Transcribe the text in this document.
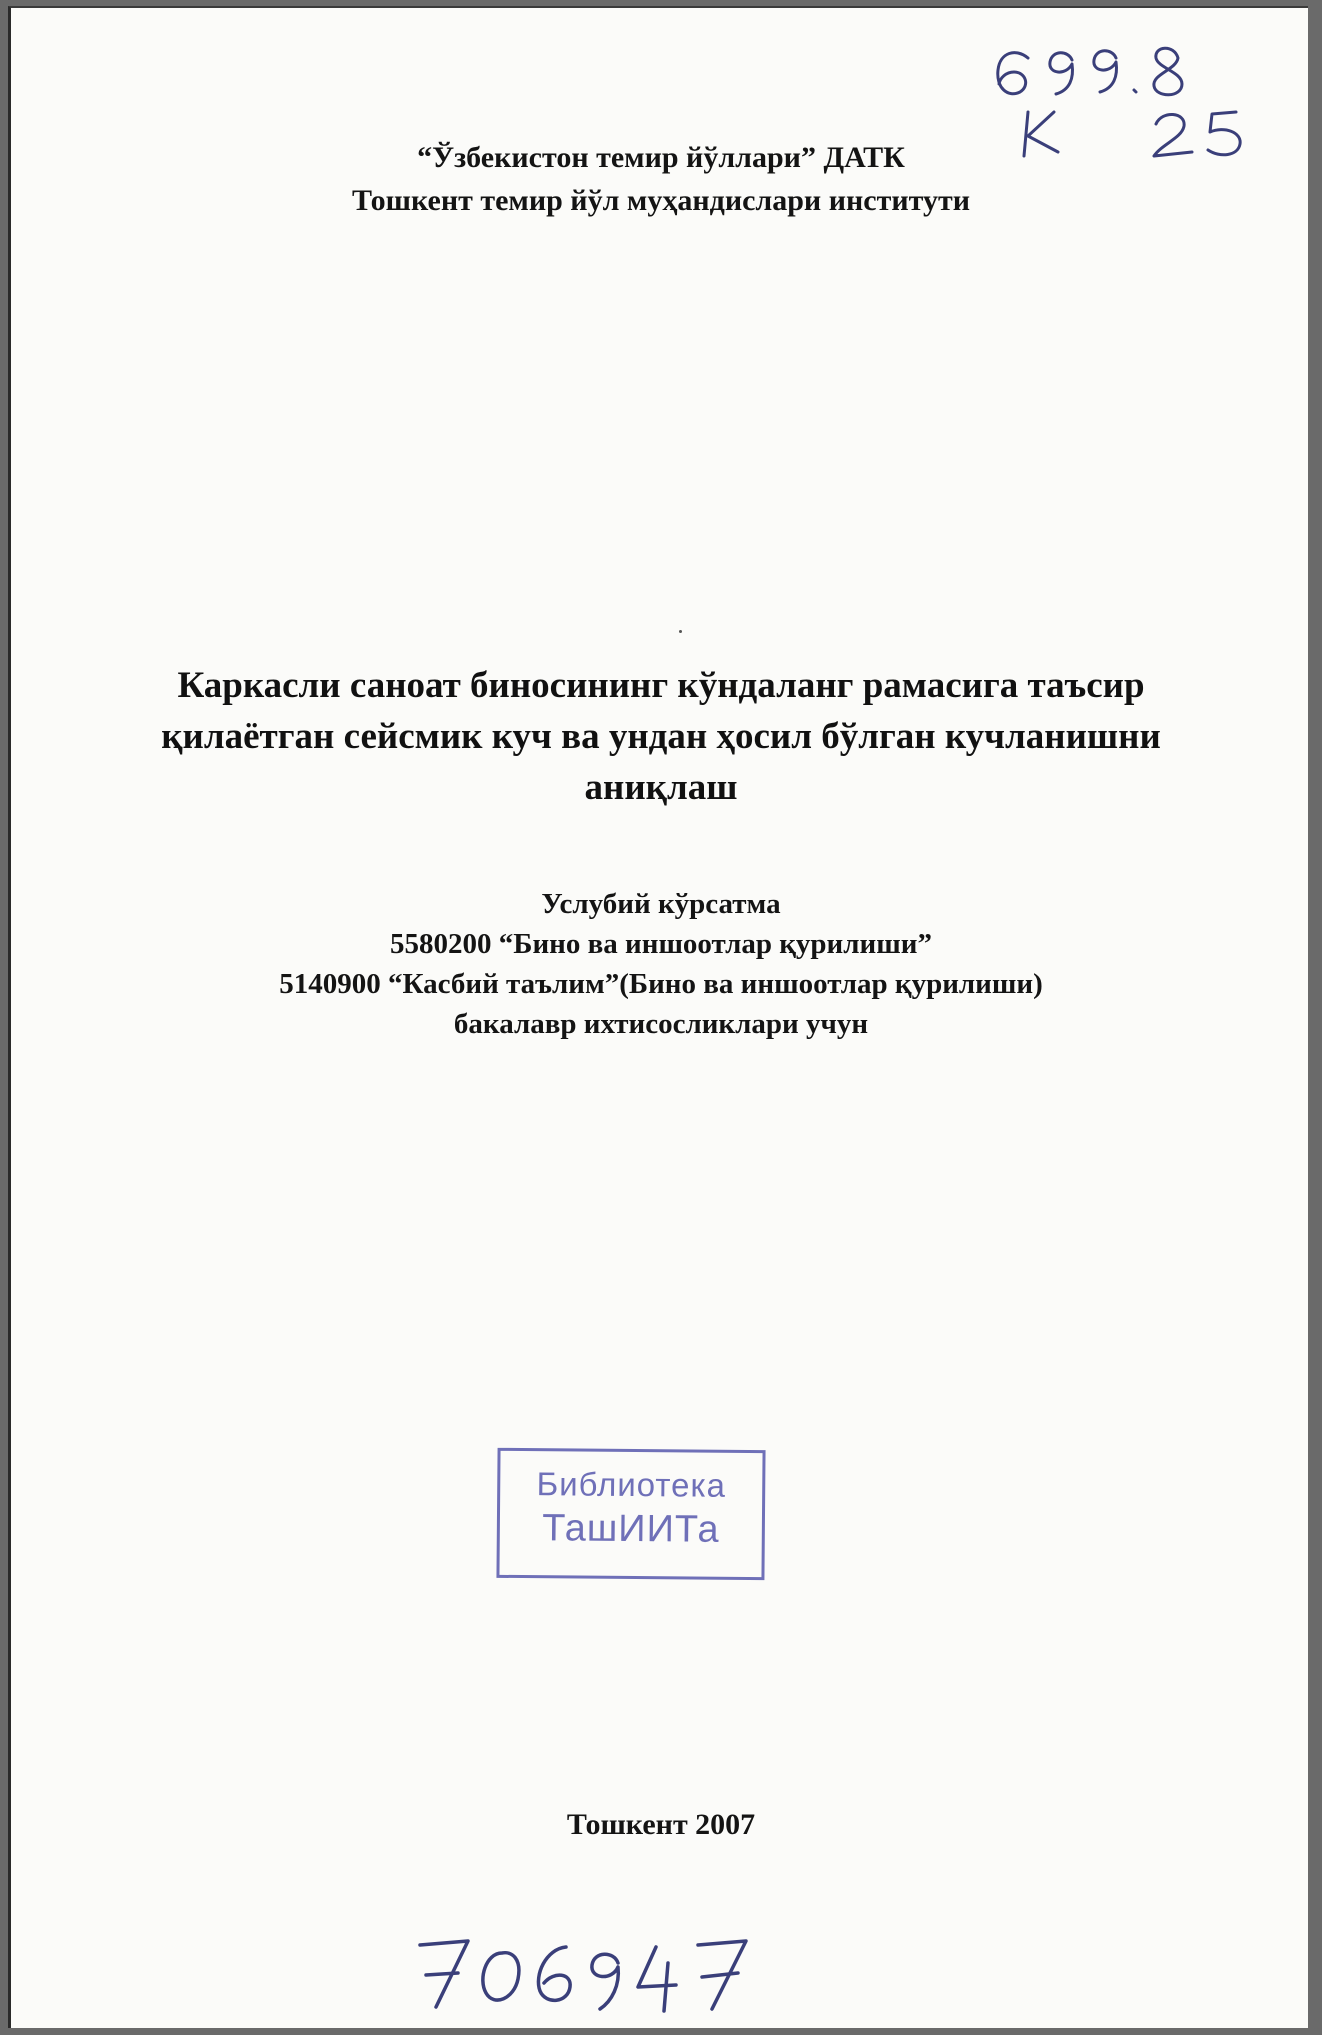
“Ўзбекистон темир йўллари” ДАТК
Тошкент темир йўл муҳандислари институти
Каркасли саноат биносининг кўндаланг рамасига таъсир
қилаётган сейсмик куч ва ундан ҳосил бўлган кучланишни
аниқлаш
Услубий кўрсатма
5580200 “Бино ва иншоотлар қурилиши”
5140900 “Касбий таълим”(Бино ва иншоотлар қурилиши)
бакалавр ихтисосликлари учун
Библиотека
ТашИИТа
Тошкент 2007
